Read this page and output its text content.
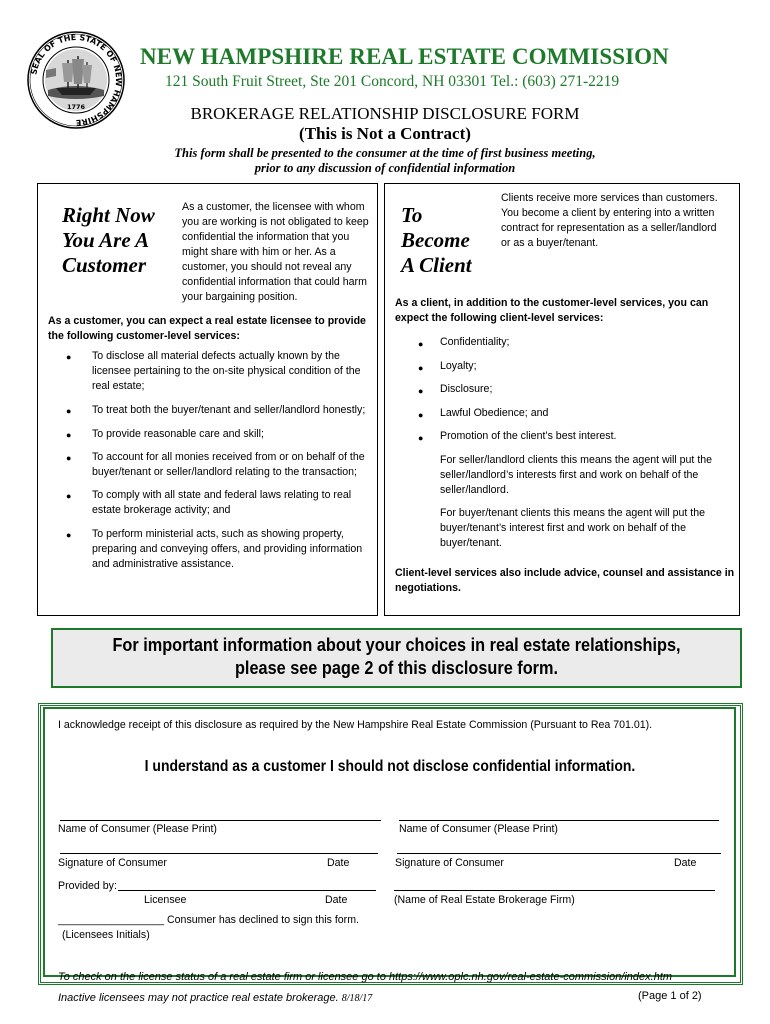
SEAL OF THE STATE OF NEW HAMPSHIRE
1776
NEW HAMPSHIRE REAL ESTATE COMMISSION
121 South Fruit Street, Ste 201 Concord, NH 03301 Tel.: (603) 271-2219
BROKERAGE RELATIONSHIP DISCLOSURE FORM
(This is Not a Contract)
This form shall be presented to the consumer at the time of first business meeting,
prior to any discussion of confidential information
Right Now
You Are A
Customer
As a customer, the licensee with whom
you are working is not obligated to keep
confidential the information that you
might share with him or her. As a
customer, you should not reveal any
confidential information that could harm
your bargaining position.
As a customer, you can expect a real estate licensee to provide
the following customer-level services:
● To disclose all material defects actually known by the
licensee pertaining to the on-site physical condition of the
real estate;
● To treat both the buyer/tenant and seller/landlord honestly;
● To provide reasonable care and skill;
● To account for all monies received from or on behalf of the
buyer/tenant or seller/landlord relating to the transaction;
● To comply with all state and federal laws relating to real
estate brokerage activity; and
● To perform ministerial acts, such as showing property,
preparing and conveying offers, and providing information
and administrative assistance.
To
Become
A Client
Clients receive more services than customers.
You become a client by entering into a written
contract for representation as a seller/landlord
or as a buyer/tenant.
As a client, in addition to the customer-level services, you can
expect the following client-level services:
● Confidentiality;
● Loyalty;
● Disclosure;
● Lawful Obedience; and
● Promotion of the client’s best interest.
For seller/landlord clients this means the agent will put the
seller/landlord’s interests first and work on behalf of the
seller/landlord.
For buyer/tenant clients this means the agent will put the
buyer/tenant’s interest first and work on behalf of the
buyer/tenant.
Client-level services also include advice, counsel and assistance in
negotiations.
For important information about your choices in real estate relationships,
please see page 2 of this disclosure form.
I acknowledge receipt of this disclosure as required by the New Hampshire Real Estate Commission (Pursuant to Rea 701.01).
I understand as a customer I should not disclose confidential information.
Name of Consumer (Please Print)	Name of Consumer (Please Print)
Signature of Consumer	Date	Signature of Consumer	Date
Provided by:
Licensee	Date	(Name of Real Estate Brokerage Firm)
__________________ Consumer has declined to sign this form.
(Licensees Initials)
To check on the license status of a real estate firm or licensee go to https://www.oplc.nh.gov/real-estate-commission/index.htm
Inactive licensees may not practice real estate brokerage. 8/18/17	(Page 1 of 2)
